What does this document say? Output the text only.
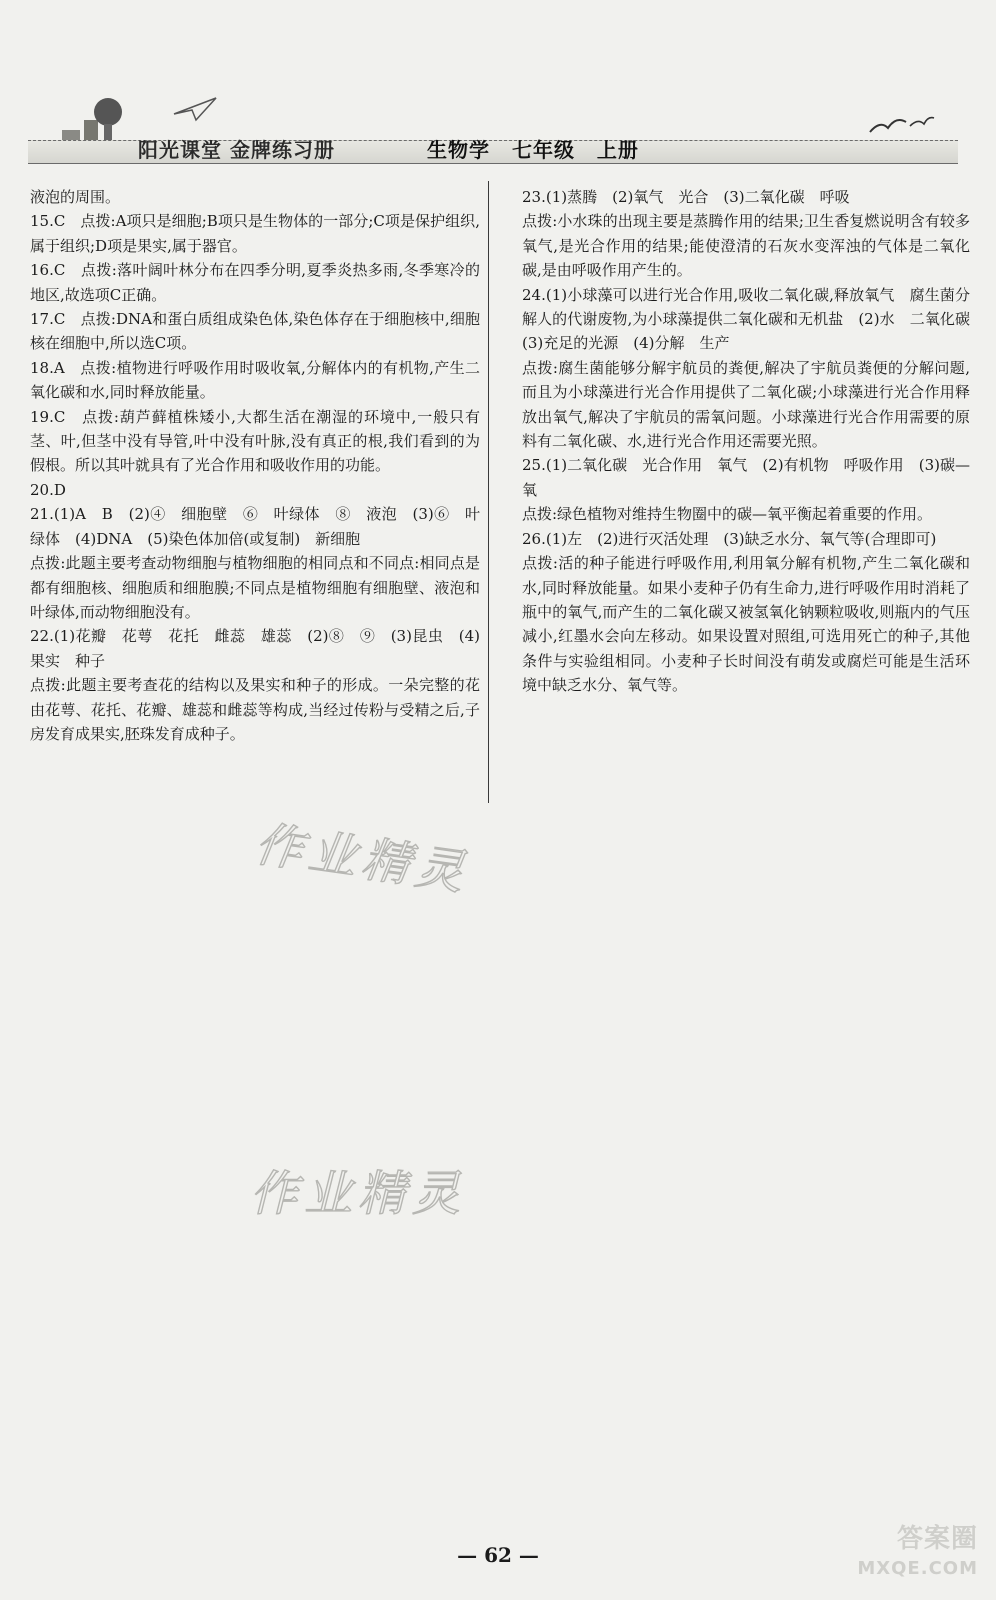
阳光课堂 金牌练习册	生物学 七年级 上册

液泡的周围。

15.C　点拨:A项只是细胞;B项只是生物体的一部分;C项是保护组织,属于组织;D项是果实,属于器官。

16.C　点拨:落叶阔叶林分布在四季分明,夏季炎热多雨,冬季寒冷的地区,故选项C正确。

17.C　点拨:DNA和蛋白质组成染色体,染色体存在于细胞核中,细胞核在细胞中,所以选C项。

18.A　点拨:植物进行呼吸作用时吸收氧,分解体内的有机物,产生二氧化碳和水,同时释放能量。

19.C　点拨:葫芦藓植株矮小,大都生活在潮湿的环境中,一般只有茎、叶,但茎中没有导管,叶中没有叶脉,没有真正的根,我们看到的为假根。所以其叶就具有了光合作用和吸收作用的功能。

20.D

21.(1)A　B　(2)④　细胞壁　⑥　叶绿体　⑧　液泡　(3)⑥　叶绿体　(4)DNA　(5)染色体加倍(或复制)　新细胞

点拨:此题主要考查动物细胞与植物细胞的相同点和不同点:相同点是都有细胞核、细胞质和细胞膜;不同点是植物细胞有细胞壁、液泡和叶绿体,而动物细胞没有。

22.(1)花瓣　花萼　花托　雌蕊　雄蕊　(2)⑧　⑨　(3)昆虫　(4)果实　种子

点拨:此题主要考查花的结构以及果实和种子的形成。一朵完整的花由花萼、花托、花瓣、雄蕊和雌蕊等构成,当经过传粉与受精之后,子房发育成果实,胚珠发育成种子。

23.(1)蒸腾　(2)氧气　光合　(3)二氧化碳　呼吸

点拨:小水珠的出现主要是蒸腾作用的结果;卫生香复燃说明含有较多氧气,是光合作用的结果;能使澄清的石灰水变浑浊的气体是二氧化碳,是由呼吸作用产生的。

24.(1)小球藻可以进行光合作用,吸收二氧化碳,释放氧气　腐生菌分解人的代谢废物,为小球藻提供二氧化碳和无机盐　(2)水　二氧化碳　(3)充足的光源　(4)分解　生产

点拨:腐生菌能够分解宇航员的粪便,解决了宇航员粪便的分解问题,而且为小球藻进行光合作用提供了二氧化碳;小球藻进行光合作用释放出氧气,解决了宇航员的需氧问题。小球藻进行光合作用需要的原料有二氧化碳、水,进行光合作用还需要光照。

25.(1)二氧化碳　光合作用　氧气　(2)有机物　呼吸作用　(3)碳—氧

点拨:绿色植物对维持生物圈中的碳—氧平衡起着重要的作用。

26.(1)左　(2)进行灭活处理　(3)缺乏水分、氧气等(合理即可)

点拨:活的种子能进行呼吸作用,利用氧分解有机物,产生二氧化碳和水,同时释放能量。如果小麦种子仍有生命力,进行呼吸作用时消耗了瓶中的氧气,而产生的二氧化碳又被氢氧化钠颗粒吸收,则瓶内的气压减小,红墨水会向左移动。如果设置对照组,可选用死亡的种子,其他条件与实验组相同。小麦种子长时间没有萌发或腐烂可能是生活环境中缺乏水分、氧气等。

作业精灵
作业精灵
— 62 —
答案圈
MXQE.COM
